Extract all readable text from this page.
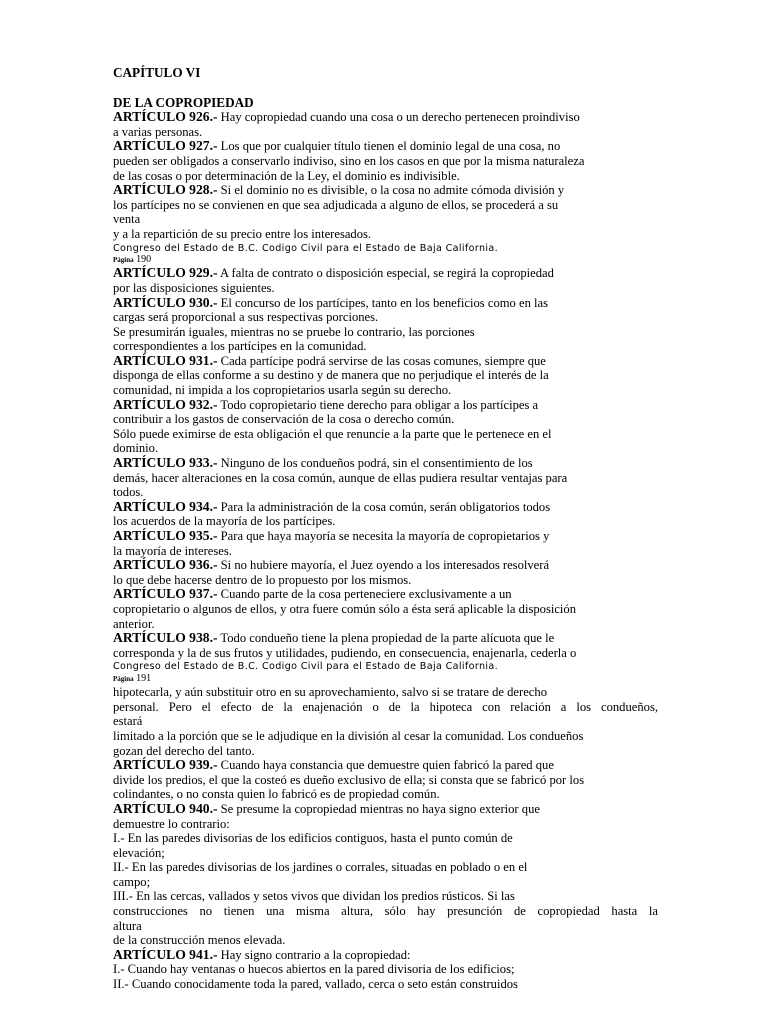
CAPÍTULO VI

DE LA COPROPIEDAD

ARTÍCULO 926.- Hay copropiedad cuando una cosa o un derecho pertenecen proindiviso

a varias personas.

ARTÍCULO 927.- Los que por cualquier título tienen el dominio legal de una cosa, no

pueden ser obligados a conservarlo indiviso, sino en los casos en que por la misma naturaleza

de las cosas o por determinación de la Ley, el dominio es indivisible.

ARTÍCULO 928.- Si el dominio no es divisible, o la cosa no admite cómoda división y

los partícipes no se convienen en que sea adjudicada a alguno de ellos, se procederá a su

venta

y a la repartición de su precio entre los interesados.

Congreso del Estado de B.C. Codigo Civil para el Estado de Baja California.

Página 190

ARTÍCULO 929.- A falta de contrato o disposición especial, se regirá la copropiedad

por las disposiciones siguientes.

ARTÍCULO 930.- El concurso de los partícipes, tanto en los beneficios como en las

cargas será proporcional a sus respectivas porciones.

Se presumirán iguales, mientras no se pruebe lo contrario, las porciones

correspondientes a los partícipes en la comunidad.

ARTÍCULO 931.- Cada partícipe podrá servirse de las cosas comunes, siempre que

disponga de ellas conforme a su destino y de manera que no perjudique el interés de la

comunidad, ni impida a los copropietarios usarla según su derecho.

ARTÍCULO 932.- Todo copropietario tiene derecho para obligar a los partícipes a

contribuir a los gastos de conservación de la cosa o derecho común.

Sólo puede eximirse de esta obligación el que renuncie a la parte que le pertenece en el

dominio.

ARTÍCULO 933.- Ninguno de los condueños podrá, sin el consentimiento de los

demás, hacer alteraciones en la cosa común, aunque de ellas pudiera resultar ventajas para

todos.

ARTÍCULO 934.- Para la administración de la cosa común, serán obligatorios todos

los acuerdos de la mayoría de los partícipes.

ARTÍCULO 935.- Para que haya mayoría se necesita la mayoría de copropietarios y

la mayoría de intereses.

ARTÍCULO 936.- Si no hubiere mayoría, el Juez oyendo a los interesados resolverá

lo que debe hacerse dentro de lo propuesto por los mismos.

ARTÍCULO 937.- Cuando parte de la cosa perteneciere exclusivamente a un

copropietario o algunos de ellos, y otra fuere común sólo a ésta será aplicable la disposición

anterior.

ARTÍCULO 938.- Todo condueño tiene la plena propiedad de la parte alícuota que le

corresponda y la de sus frutos y utilidades, pudiendo, en consecuencia, enajenarla, cederla o

Congreso del Estado de B.C. Codigo Civil para el Estado de Baja California.

Página 191

hipotecarla, y aún substituir otro en su aprovechamiento, salvo si se tratare de derecho

personal. Pero el efecto de la enajenación o de la hipoteca con relación a los condueños,

estará

limitado a la porción que se le adjudique en la división al cesar la comunidad. Los condueños

gozan del derecho del tanto.

ARTÍCULO 939.- Cuando haya constancia que demuestre quien fabricó la pared que

divide los predios, el que la costeó es dueño exclusivo de ella; si consta que se fabricó por los

colindantes, o no consta quien lo fabricó es de propiedad común.

ARTÍCULO 940.- Se presume la copropiedad mientras no haya signo exterior que

demuestre lo contrario:

I.- En las paredes divisorias de los edificios contiguos, hasta el punto común de

elevación;

II.- En las paredes divisorias de los jardines o corrales, situadas en poblado o en el

campo;

III.- En las cercas, vallados y setos vivos que dividan los predios rústicos. Si las

construcciones no tienen una misma altura, sólo hay presunción de copropiedad hasta la

altura

de la construcción menos elevada.

ARTÍCULO 941.- Hay signo contrario a la copropiedad:

I.- Cuando hay ventanas o huecos abiertos en la pared divisoria de los edificios;

II.- Cuando conocidamente toda la pared, vallado, cerca o seto están construidos
